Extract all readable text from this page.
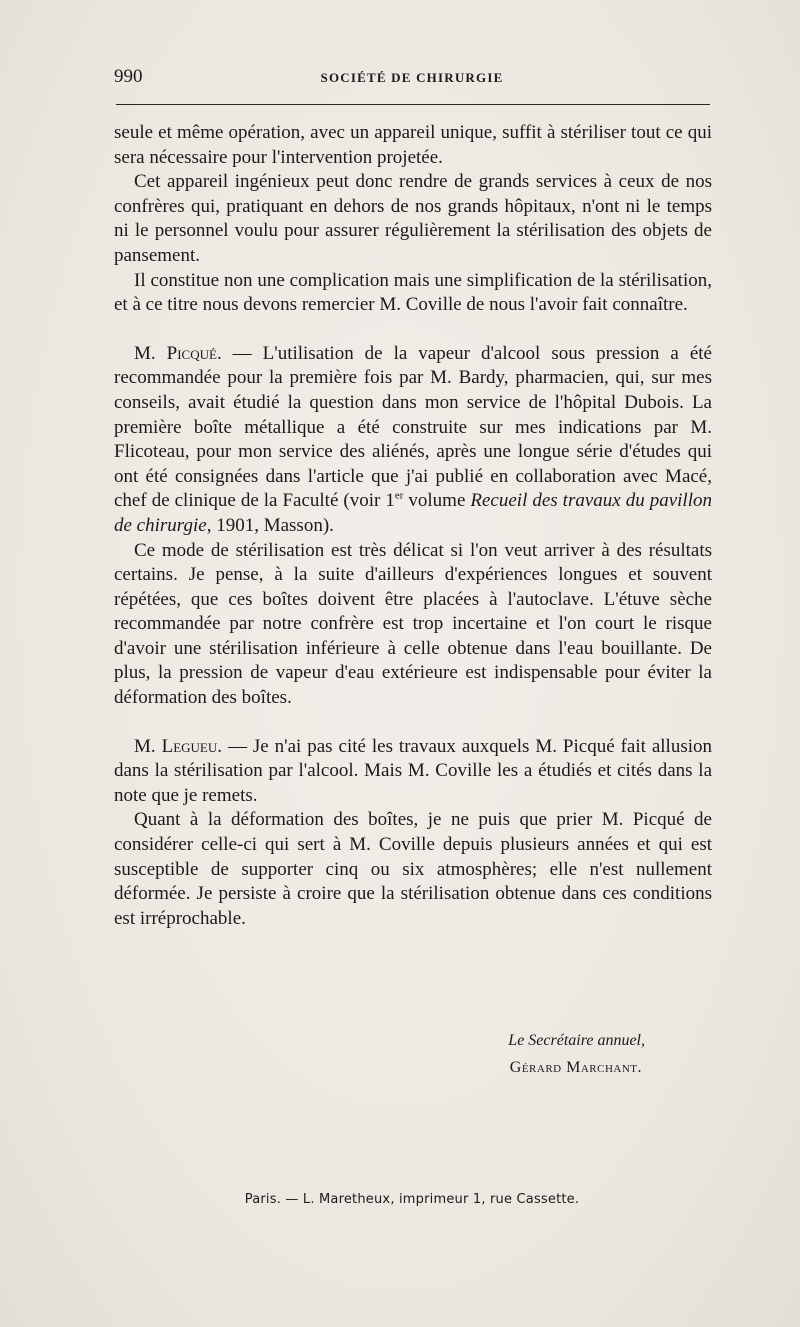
990	SOCIÉTÉ DE CHIRURGIE

seule et même opération, avec un appareil unique, suffit à stériliser tout ce qui sera nécessaire pour l'intervention projetée.

Cet appareil ingénieux peut donc rendre de grands services à ceux de nos confrères qui, pratiquant en dehors de nos grands hôpitaux, n'ont ni le temps ni le personnel voulu pour assurer régulièrement la stérilisation des objets de pansement.

Il constitue non une complication mais une simplification de la stérilisation, et à ce titre nous devons remercier M. Coville de nous l'avoir fait connaître.

M. Picqué. — L'utilisation de la vapeur d'alcool sous pression a été recommandée pour la première fois par M. Bardy, pharmacien, qui, sur mes conseils, avait étudié la question dans mon service de l'hôpital Dubois. La première boîte métallique a été construite sur mes indications par M. Flicoteau, pour mon service des aliénés, après une longue série d'études qui ont été consignées dans l'article que j'ai publié en collaboration avec Macé, chef de clinique de la Faculté (voir 1er volume Recueil des travaux du pavillon de chirurgie, 1901, Masson).

Ce mode de stérilisation est très délicat si l'on veut arriver à des résultats certains. Je pense, à la suite d'ailleurs d'expériences longues et souvent répétées, que ces boîtes doivent être placées à l'autoclave. L'étuve sèche recommandée par notre confrère est trop incertaine et l'on court le risque d'avoir une stérilisation inférieure à celle obtenue dans l'eau bouillante. De plus, la pression de vapeur d'eau extérieure est indispensable pour éviter la déformation des boîtes.

M. Legueu. — Je n'ai pas cité les travaux auxquels M. Picqué fait allusion dans la stérilisation par l'alcool. Mais M. Coville les a étudiés et cités dans la note que je remets.

Quant à la déformation des boîtes, je ne puis que prier M. Picqué de considérer celle-ci qui sert à M. Coville depuis plusieurs années et qui est susceptible de supporter cinq ou six atmosphères; elle n'est nullement déformée. Je persiste à croire que la stérilisation obtenue dans ces conditions est irréprochable.

Le Secrétaire annuel,
Gérard Marchant.
Paris. — L. Maretheux, imprimeur 1, rue Cassette.
